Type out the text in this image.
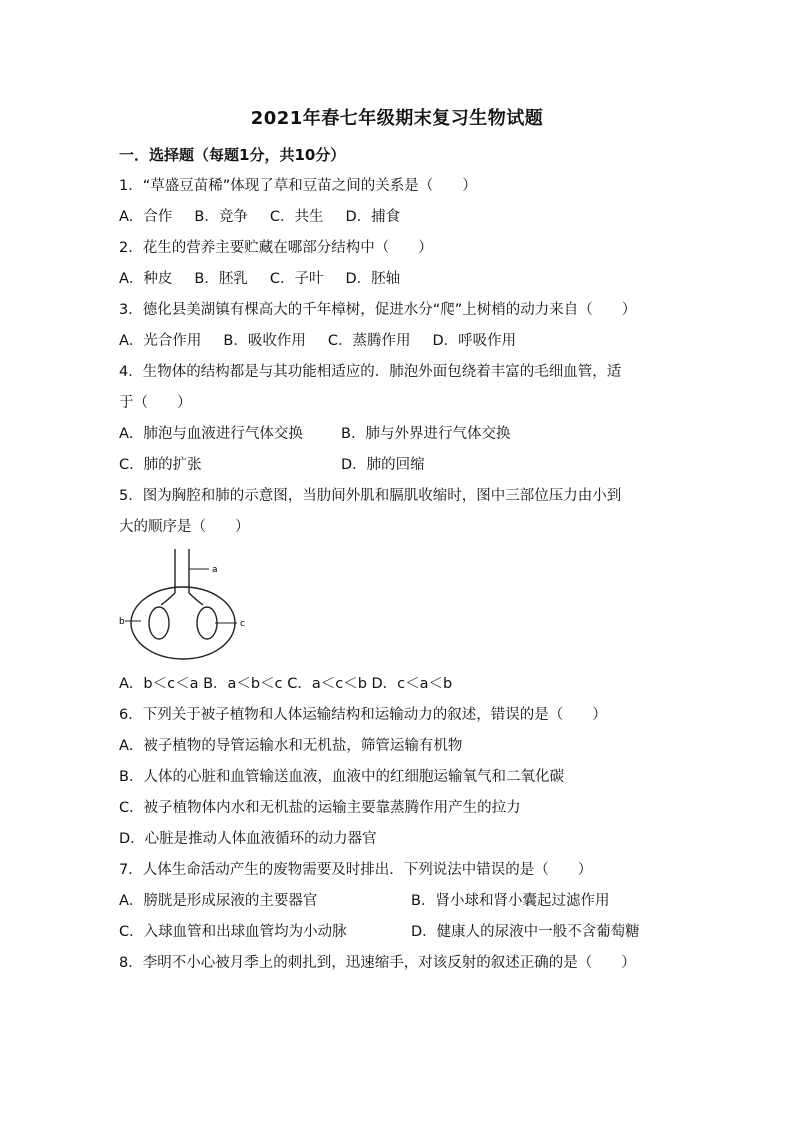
2021年春七年级期末复习生物试题
一．选择题（每题1分，共10分）
1．“草盛豆苗稀”体现了草和豆苗之间的关系是（　　）
A．合作 B．竞争 C．共生 D．捕食
2．花生的营养主要贮藏在哪部分结构中（　　）
A．种皮 B．胚乳 C．子叶 D．胚轴
3．德化县美湖镇有棵高大的千年樟树，促进水分“爬”上树梢的动力来自（　　）
A．光合作用 B．吸收作用 C．蒸腾作用 D．呼吸作用
4．生物体的结构都是与其功能相适应的．肺泡外面包绕着丰富的毛细血管，适
于（　　）
A．肺泡与血液进行气体交换	B．肺与外界进行气体交换
C．肺的扩张	D．肺的回缩
5．图为胸腔和肺的示意图，当肋间外肌和膈肌收缩时，图中三部位压力由小到
大的顺序是（　　）
a
b	c
A．b＜c＜a B．a＜b＜c C．a＜c＜b D．c＜a＜b
6．下列关于被子植物和人体运输结构和运输动力的叙述，错误的是（　　）
A．被子植物的导管运输水和无机盐，筛管运输有机物
B．人体的心脏和血管输送血液，血液中的红细胞运输氧气和二氧化碳
C．被子植物体内水和无机盐的运输主要靠蒸腾作用产生的拉力
D．心脏是推动人体血液循环的动力器官
7．人体生命活动产生的废物需要及时排出．下列说法中错误的是（　　）
A．膀胱是形成尿液的主要器官	B．肾小球和肾小囊起过滤作用
C．入球血管和出球血管均为小动脉	D．健康人的尿液中一般不含葡萄糖
8．李明不小心被月季上的刺扎到，迅速缩手，对该反射的叙述正确的是（　　）
